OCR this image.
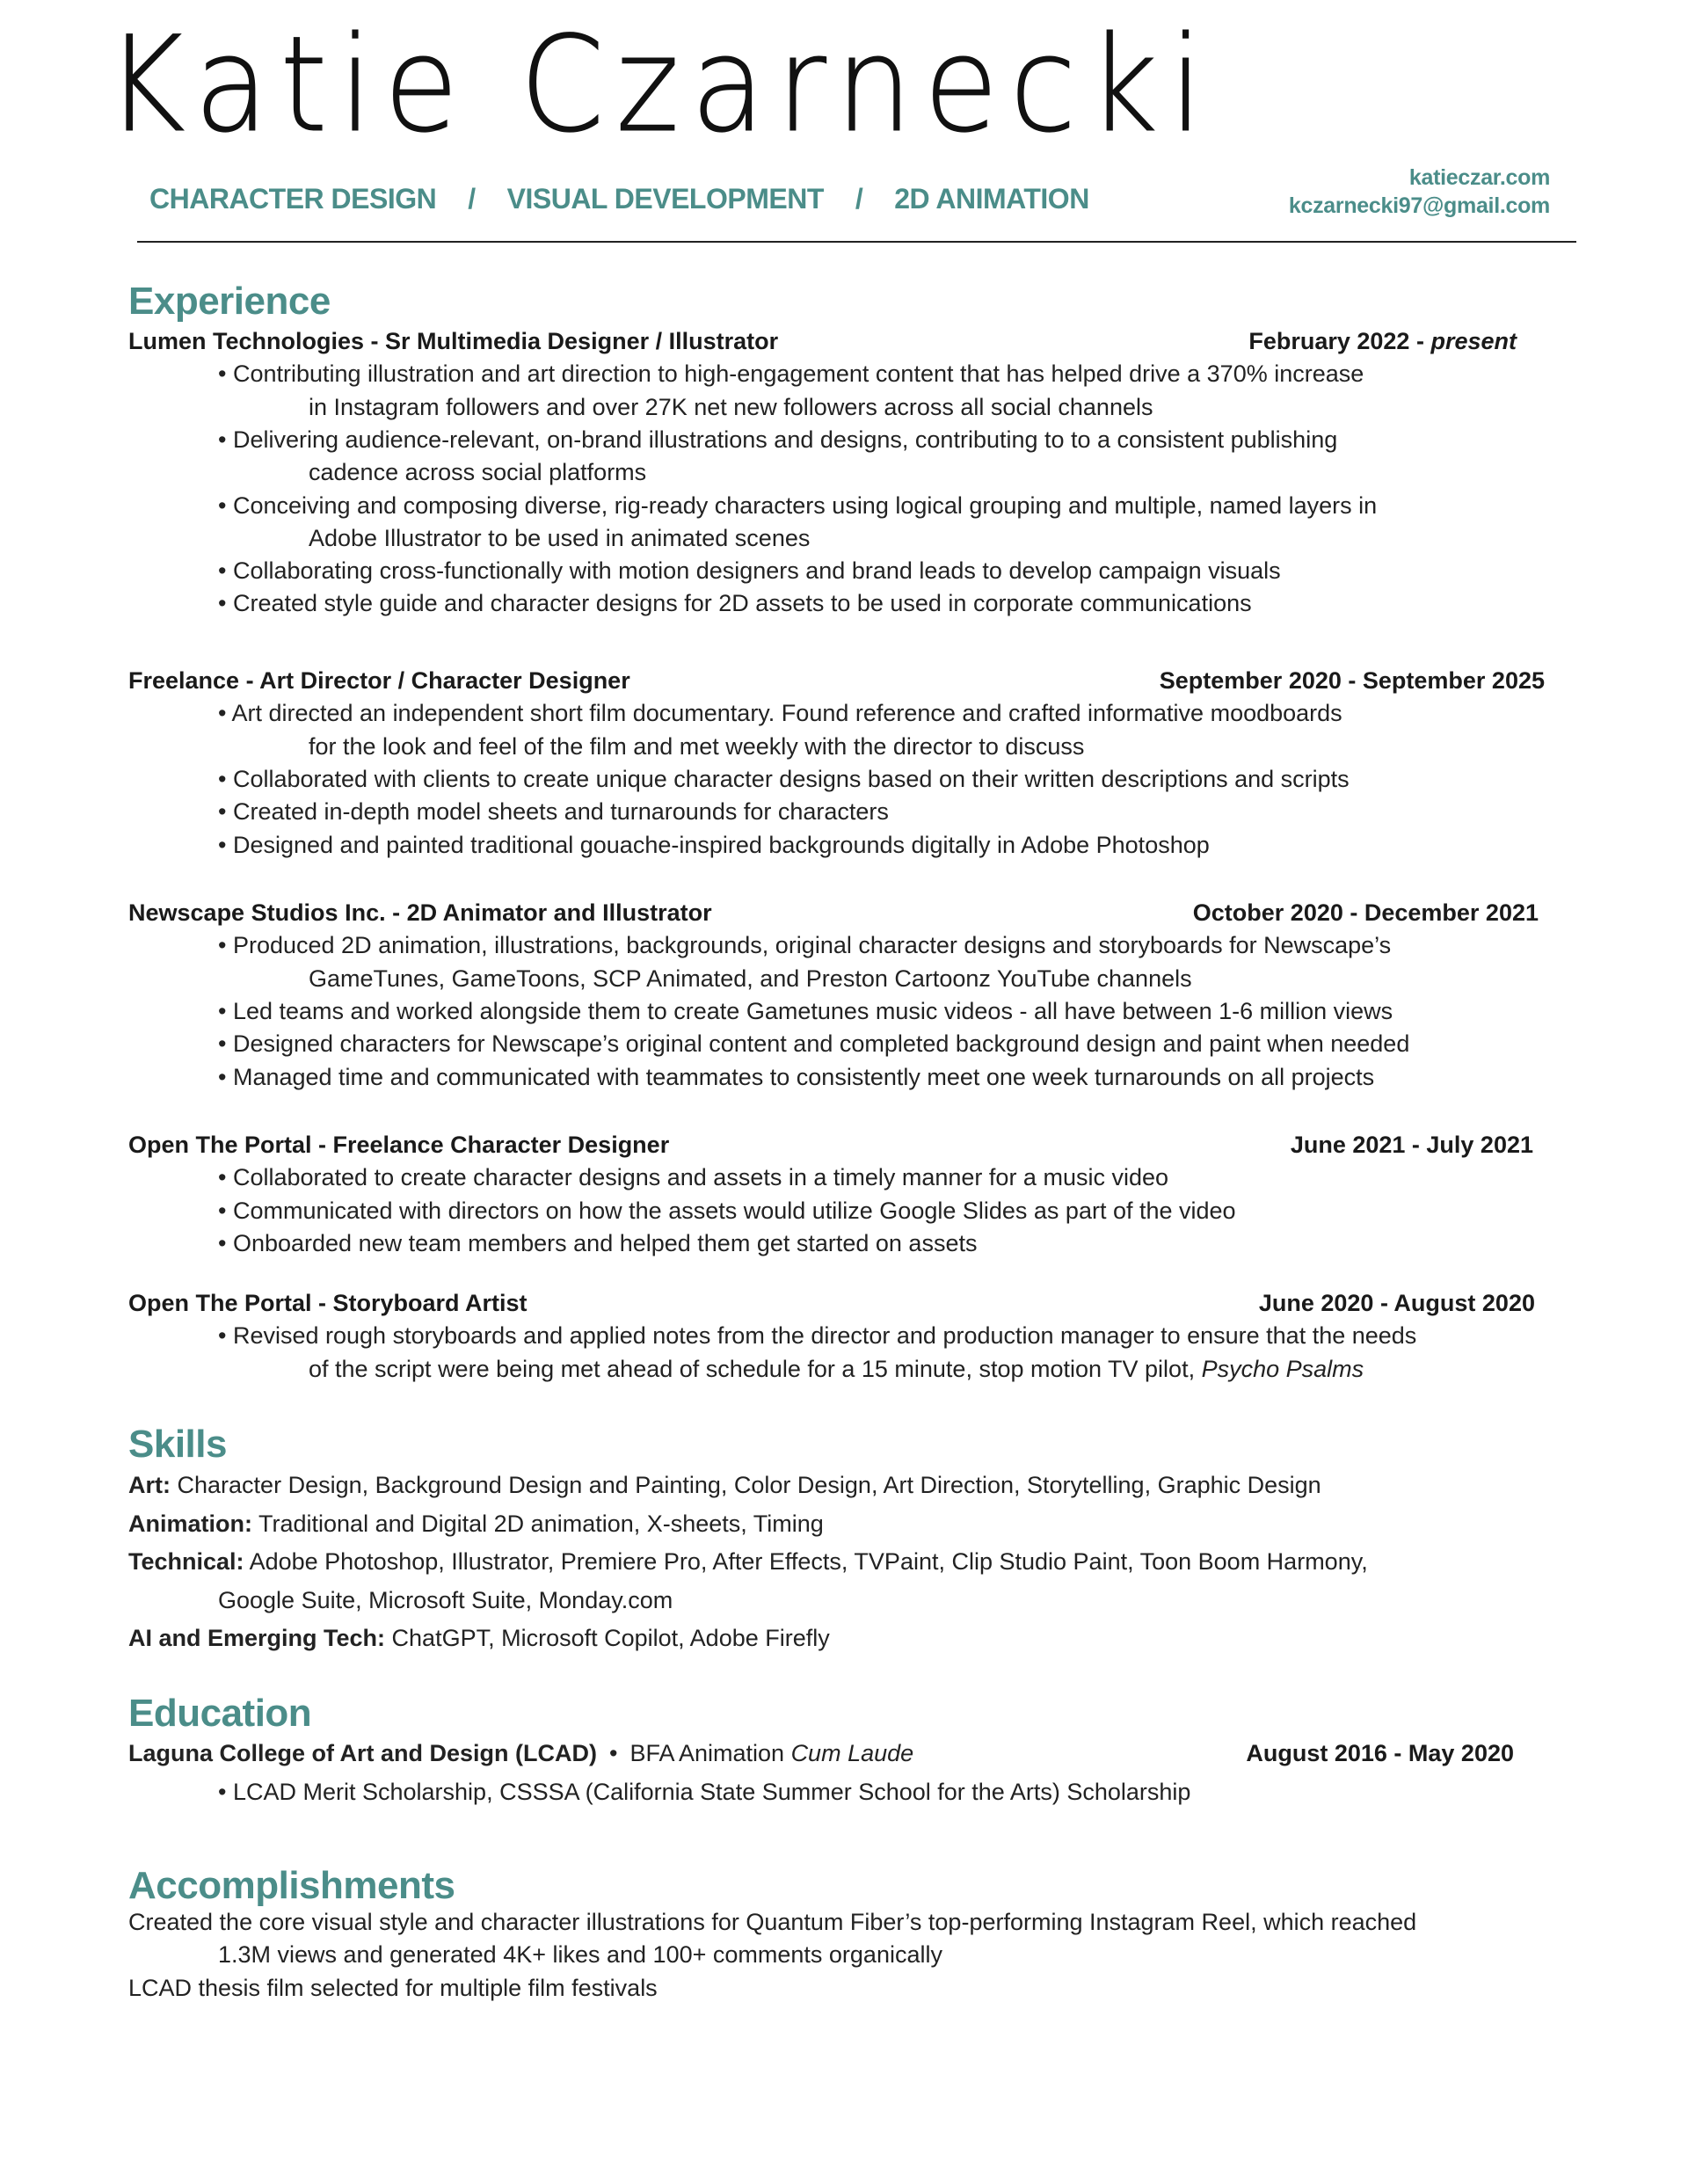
Katie Czarnecki
CHARACTER DESIGN / VISUAL DEVELOPMENT / 2D ANIMATION
katieczar.com
kczarnecki97@gmail.com
Experience
Lumen Technologies - Sr Multimedia Designer / Illustrator	February 2022 - present
• Contributing illustration and art direction to high-engagement content that has helped drive a 370% increase
in Instagram followers and over 27K net new followers across all social channels
• Delivering audience-relevant, on-brand illustrations and designs, contributing to to a consistent publishing
cadence across social platforms
• Conceiving and composing diverse, rig-ready characters using logical grouping and multiple, named layers in
Adobe Illustrator to be used in animated scenes
• Collaborating cross-functionally with motion designers and brand leads to develop campaign visuals
• Created style guide and character designs for 2D assets to be used in corporate communications
Freelance - Art Director / Character Designer	September 2020 - September 2025
• Art directed an independent short film documentary. Found reference and crafted informative moodboards
for the look and feel of the film and met weekly with the director to discuss
• Collaborated with clients to create unique character designs based on their written descriptions and scripts
• Created in-depth model sheets and turnarounds for characters
• Designed and painted traditional gouache-inspired backgrounds digitally in Adobe Photoshop
Newscape Studios Inc. - 2D Animator and Illustrator	October 2020 - December 2021
• Produced 2D animation, illustrations, backgrounds, original character designs and storyboards for Newscape’s
GameTunes, GameToons, SCP Animated, and Preston Cartoonz YouTube channels
• Led teams and worked alongside them to create Gametunes music videos - all have between 1-6 million views
• Designed characters for Newscape’s original content and completed background design and paint when needed
• Managed time and communicated with teammates to consistently meet one week turnarounds on all projects
Open The Portal - Freelance Character Designer	June 2021 - July 2021
• Collaborated to create character designs and assets in a timely manner for a music video
• Communicated with directors on how the assets would utilize Google Slides as part of the video
• Onboarded new team members and helped them get started on assets
Open The Portal - Storyboard Artist	June 2020 - August 2020
• Revised rough storyboards and applied notes from the director and production manager to ensure that the needs
of the script were being met ahead of schedule for a 15 minute, stop motion TV pilot, Psycho Psalms
Skills
Art: Character Design, Background Design and Painting, Color Design, Art Direction, Storytelling, Graphic Design
Animation: Traditional and Digital 2D animation, X-sheets, Timing
Technical: Adobe Photoshop, Illustrator, Premiere Pro, After Effects, TVPaint, Clip Studio Paint, Toon Boom Harmony,
Google Suite, Microsoft Suite, Monday.com
AI and Emerging Tech: ChatGPT, Microsoft Copilot, Adobe Firefly
Education
Laguna College of Art and Design (LCAD) • BFA Animation Cum Laude	August 2016 - May 2020
• LCAD Merit Scholarship, CSSSA (California State Summer School for the Arts) Scholarship
Accomplishments
Created the core visual style and character illustrations for Quantum Fiber’s top-performing Instagram Reel, which reached
1.3M views and generated 4K+ likes and 100+ comments organically
LCAD thesis film selected for multiple film festivals
